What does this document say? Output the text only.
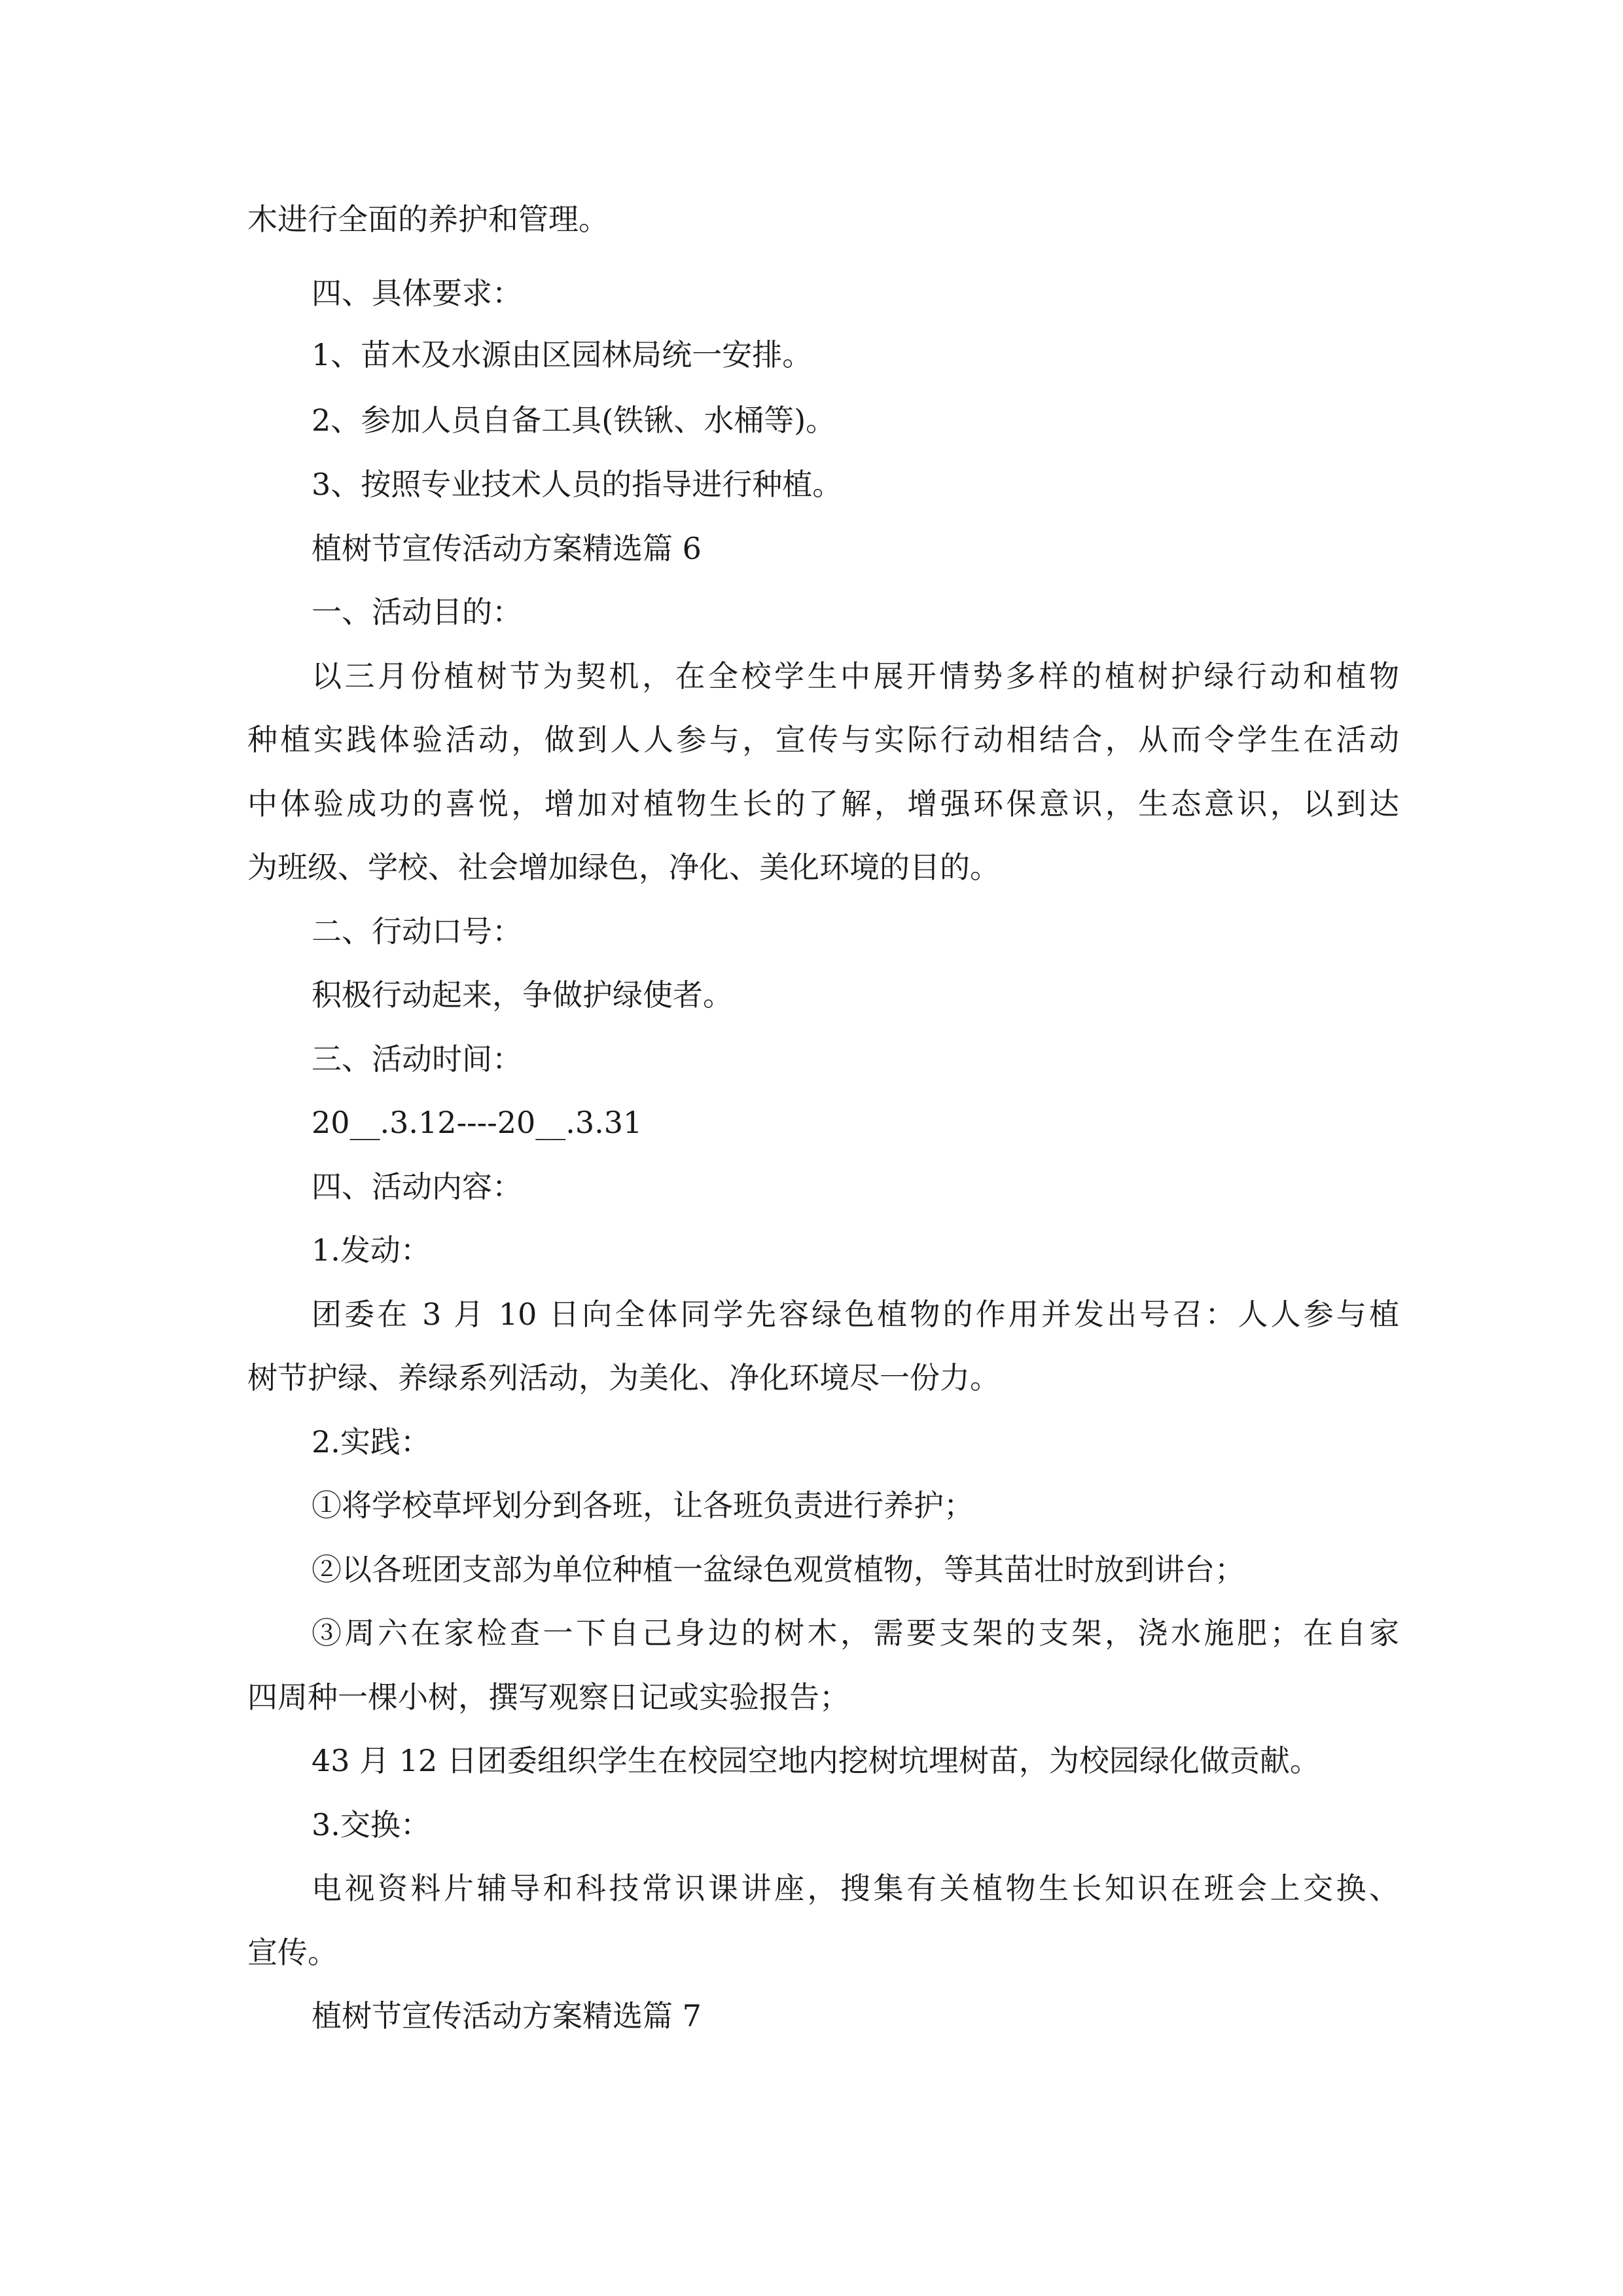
木进行全面的养护和管理。
四、具体要求：
1、苗木及水源由区园林局统一安排。
2、参加人员自备工具(铁锹、水桶等)。
3、按照专业技术人员的指导进行种植。
植树节宣传活动方案精选篇 6
一、活动目的：
以三月份植树节为契机，在全校学生中展开情势多样的植树护绿行动和植物
种植实践体验活动，做到人人参与，宣传与实际行动相结合，从而令学生在活动
中体验成功的喜悦，增加对植物生长的了解，增强环保意识，生态意识，以到达
为班级、学校、社会增加绿色，净化、美化环境的目的。
二、行动口号：
积极行动起来，争做护绿使者。
三、活动时间：
20__.3.12----20__.3.31
四、活动内容：
1.发动：
团委在 3 月 10 日向全体同学先容绿色植物的作用并发出号召：人人参与植
树节护绿、养绿系列活动，为美化、净化环境尽一份力。
2.实践：
①将学校草坪划分到各班，让各班负责进行养护；
②以各班团支部为单位种植一盆绿色观赏植物，等其苗壮时放到讲台；
③周六在家检查一下自己身边的树木，需要支架的支架，浇水施肥；在自家
四周种一棵小树，撰写观察日记或实验报告；
43 月 12 日团委组织学生在校园空地内挖树坑埋树苗，为校园绿化做贡献。
3.交换：
电视资料片辅导和科技常识课讲座，搜集有关植物生长知识在班会上交换、
宣传。
植树节宣传活动方案精选篇 7
